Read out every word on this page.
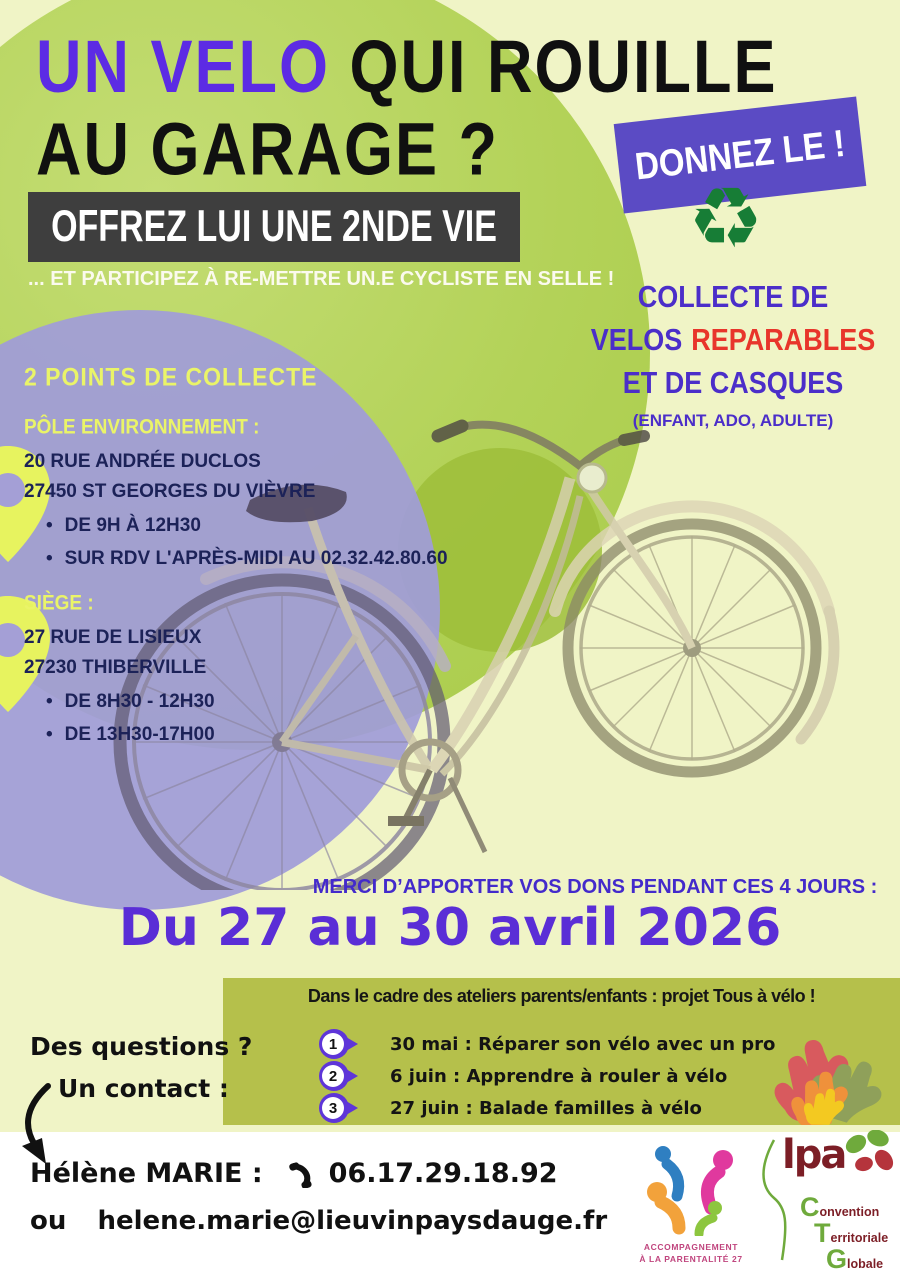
UN VELO QUI ROUILLE
AU GARAGE ?	DONNEZ LE !
OFFREZ LUI UNE 2NDE VIE
... ET PARTICIPEZ À RE-METTRE UN.E CYCLISTE EN SELLE !
♻
COLLECTE DE
VELOS REPARABLES
ET DE CASQUES
(ENFANT, ADO, ADULTE)
2 POINTS DE COLLECTE
PÔLE ENVIRONNEMENT :
20 RUE ANDRÉE DUCLOS
27450 ST GEORGES DU VIÈVRE
• DE 9H À 12H30
• SUR RDV L'APRÈS-MIDI AU 02.32.42.80.60
SIÈGE :
27 RUE DE LISIEUX
27230 THIBERVILLE
• DE 8H30 - 12H30
• DE 13H30-17H00
MERCI D’APPORTER VOS DONS PENDANT CES 4 JOURS :
Du 27 au 30 avril 2026
Dans le cadre des ateliers parents/enfants : projet Tous à vélo !
1	30 mai : Réparer son vélo avec un pro
2	6 juin : Apprendre à rouler à vélo
3	27 juin : Balade familles à vélo
Des questions ?
Un contact :
Hélène MARIE : 06.17.29.18.92
ou helene.marie@lieuvinpaysdauge.fr
ACCOMPAGNEMENT
À LA PARENTALITÉ 27
lpa
Convention
Territoriale
Globale
